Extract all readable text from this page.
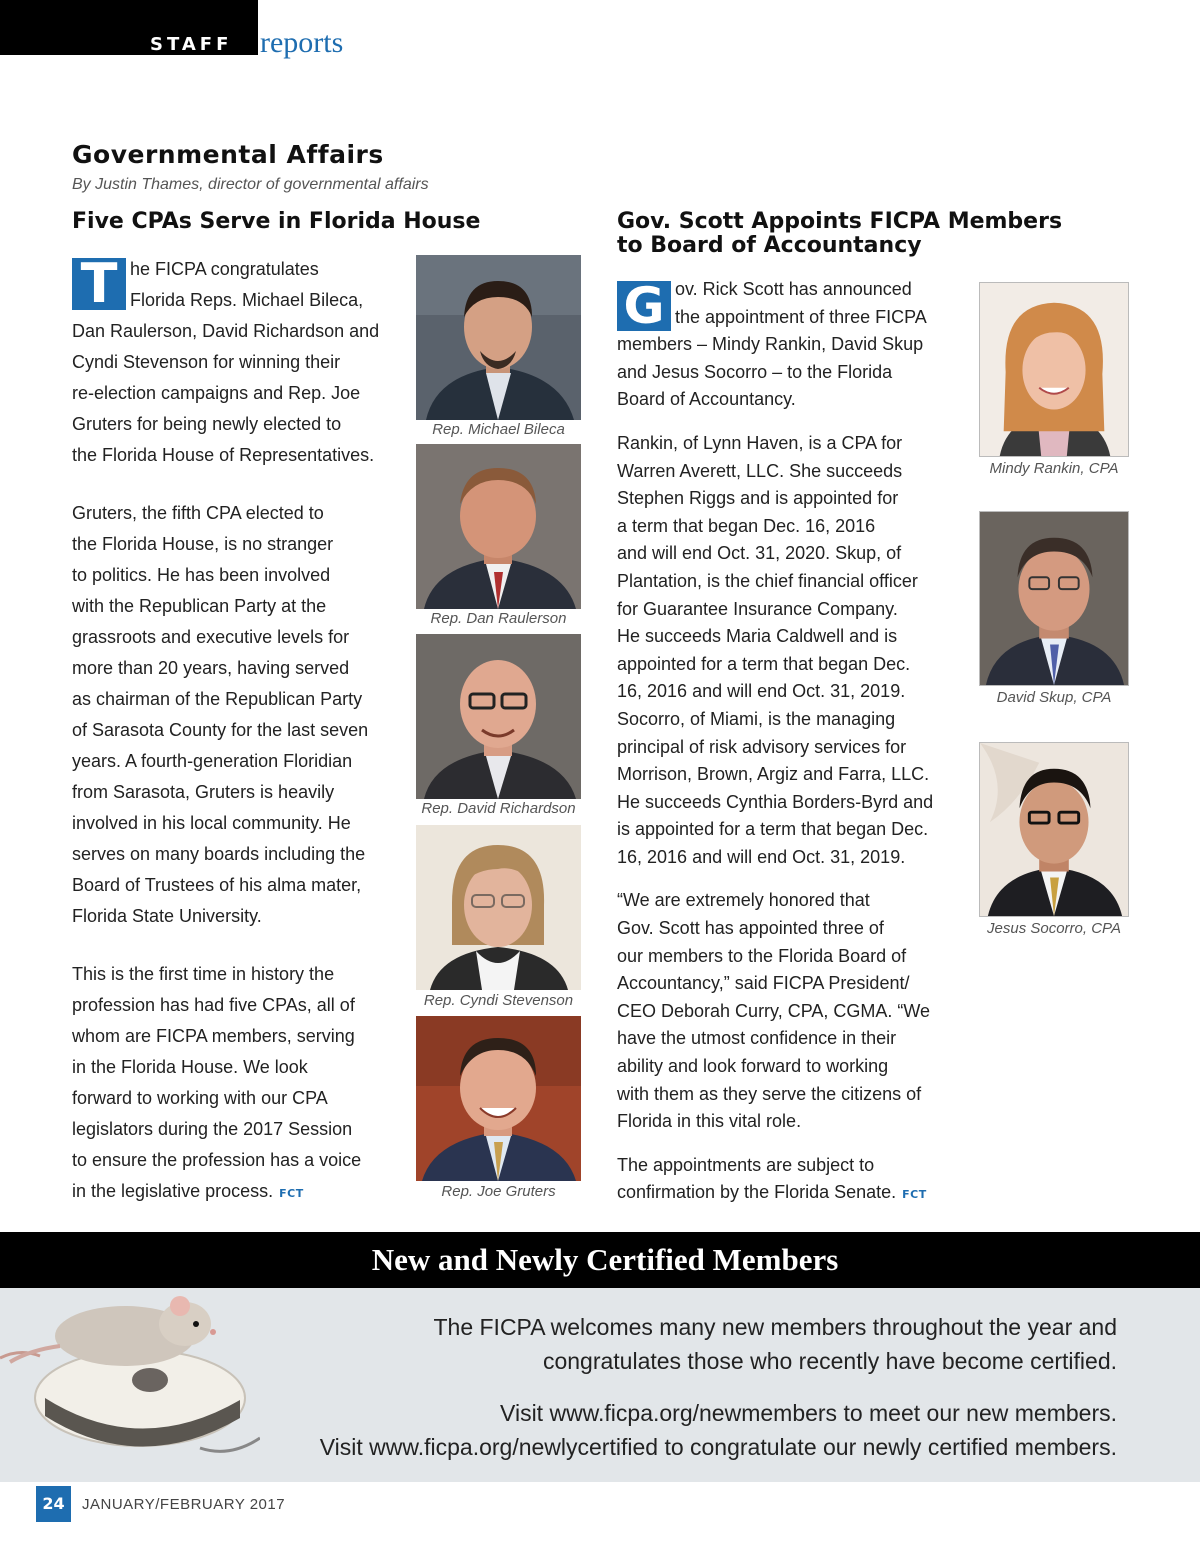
STAFF reports
Governmental Affairs
By Justin Thames, director of governmental affairs
Five CPAs Serve in Florida House

T he FICPA congratulates
Florida Reps. Michael Bileca,
Dan Raulerson, David Richardson and
Cyndi Stevenson for winning their
re-election campaigns and Rep. Joe
Gruters for being newly elected to
the Florida House of Representatives.

Gruters, the fifth CPA elected to
the Florida House, is no stranger
to politics. He has been involved
with the Republican Party at the
grassroots and executive levels for
more than 20 years, having served
as chairman of the Republican Party
of Sarasota County for the last seven
years. A fourth-generation Floridian
from Sarasota, Gruters is heavily
involved in his local community. He
serves on many boards including the
Board of Trustees of his alma mater,
Florida State University.

This is the first time in history the
profession has had five CPAs, all of
whom are FICPA members, serving
in the Florida House. We look
forward to working with our CPA
legislators during the 2017 Session
to ensure the profession has a voice
in the legislative process. FCT

Rep. Michael Bileca
Rep. Dan Raulerson
Rep. David Richardson
Rep. Cyndi Stevenson
Rep. Joe Gruters
Gov. Scott Appoints FICPA Members
to Board of Accountancy

G ov. Rick Scott has announced
the appointment of three FICPA
members – Mindy Rankin, David Skup
and Jesus Socorro – to the Florida
Board of Accountancy.

Rankin, of Lynn Haven, is a CPA for
Warren Averett, LLC. She succeeds
Stephen Riggs and is appointed for
a term that began Dec. 16, 2016
and will end Oct. 31, 2020. Skup, of
Plantation, is the chief financial officer
for Guarantee Insurance Company.
He succeeds Maria Caldwell and is
appointed for a term that began Dec.
16, 2016 and will end Oct. 31, 2019.
Socorro, of Miami, is the managing
principal of risk advisory services for
Morrison, Brown, Argiz and Farra, LLC.
He succeeds Cynthia Borders-Byrd and
is appointed for a term that began Dec.
16, 2016 and will end Oct. 31, 2019.

“We are extremely honored that
Gov. Scott has appointed three of
our members to the Florida Board of
Accountancy,” said FICPA President/
CEO Deborah Curry, CPA, CGMA. “We
have the utmost confidence in their
ability and look forward to working
with them as they serve the citizens of
Florida in this vital role.

The appointments are subject to
confirmation by the Florida Senate. FCT

Mindy Rankin, CPA
David Skup, CPA
Jesus Socorro, CPA
New and Newly Certified Members
The FICPA welcomes many new members throughout the year and
congratulates those who recently have become certified.
Visit www.ficpa.org/newmembers to meet our new members.
Visit www.ficpa.org/newlycertified to congratulate our newly certified members.
24	JANUARY/FEBRUARY 2017
